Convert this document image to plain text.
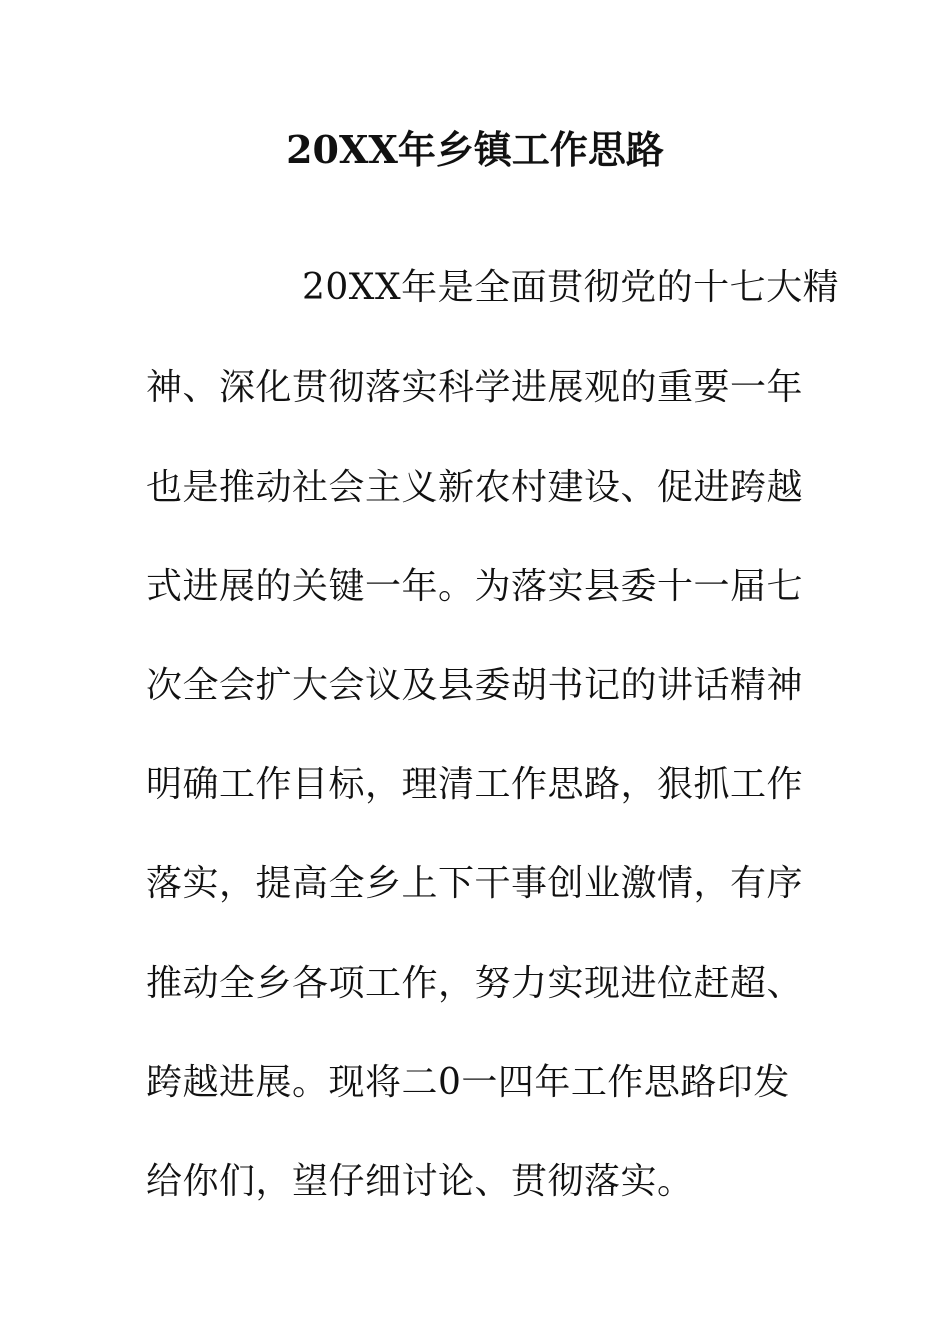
20XX年乡镇工作思路
20XX年是全面贯彻党的十七大精
神、深化贯彻落实科学进展观的重要一年
也是推动社会主义新农村建设、促进跨越
式进展的关键一年。为落实县委十一届七
次全会扩大会议及县委胡书记的讲话精神
明确工作目标，理清工作思路，狠抓工作
落实，提高全乡上下干事创业激情，有序
推动全乡各项工作，努力实现进位赶超、
跨越进展。现将二0一四年工作思路印发
给你们，望仔细讨论、贯彻落实。
